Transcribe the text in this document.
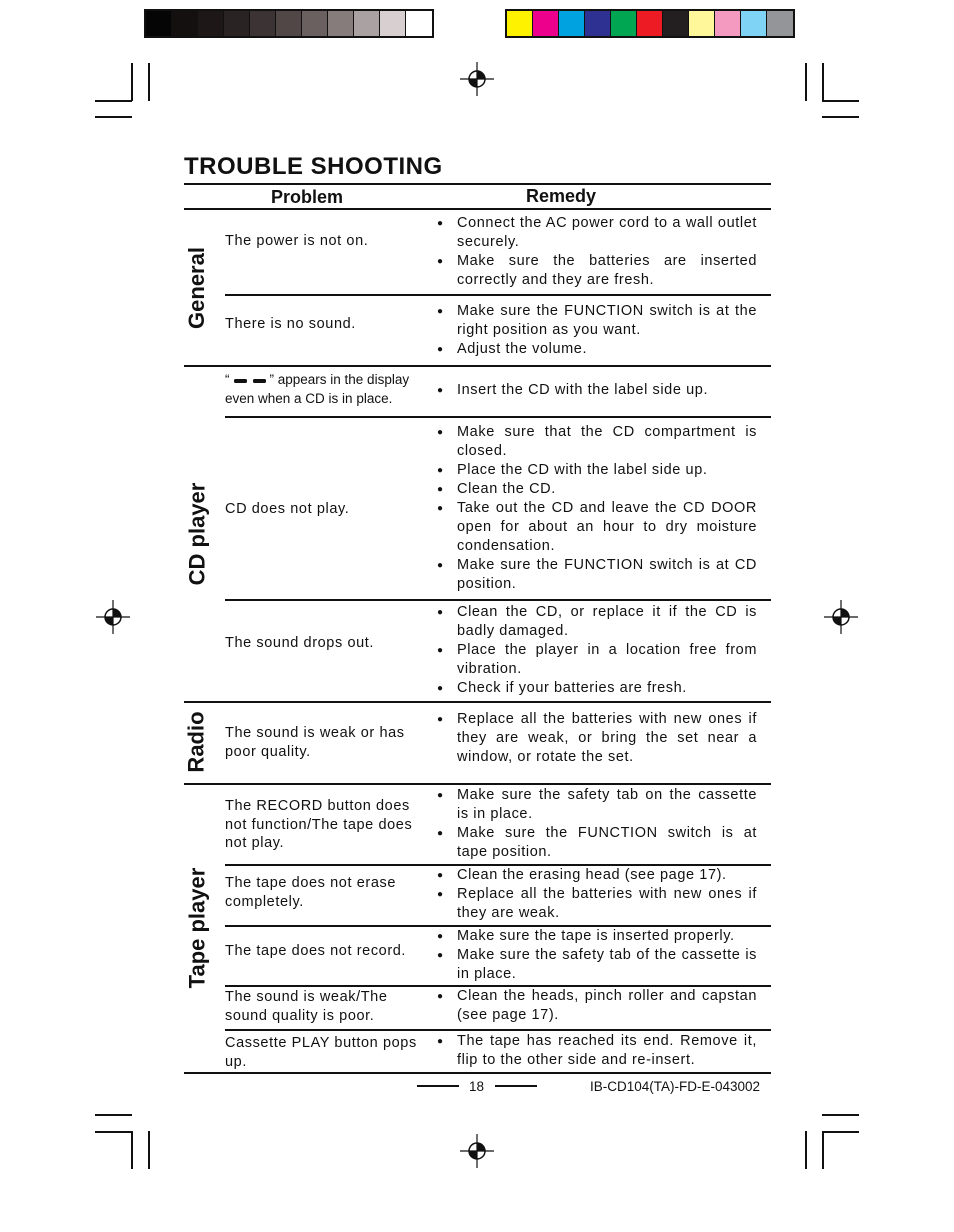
TROUBLE SHOOTING
Problem	Remedy
General
CD player
Radio
Tape player
The power is not on.
● Connect the AC power cord to a wall outlet securely.
● Make sure the batteries are inserted correctly and they are fresh.
There is no sound.
● Make sure the FUNCTION switch is at the right position as you want.
● Adjust the volume.
“	” appears in the display even when a CD is in place.
●	Insert the CD with the label side up.
CD does not play.
● Make sure that the CD compartment is closed.
● Place the CD with the label side up.
● Clean the CD.
● Take out the CD and leave the CD DOOR open for about an hour to dry moisture condensation.
● Make sure the FUNCTION switch is at CD position.
The sound drops out.
● Clean the CD, or replace it if the CD is badly damaged.
● Place the player in a location free from vibration.
● Check if your batteries are fresh.
The sound is weak or has poor quality.
● Replace all the batteries with new ones if they are weak, or bring the set near a window, or rotate the set.
The RECORD button does not function/The tape does not play.
● Make sure the safety tab on the cassette is in place.
● Make sure the FUNCTION switch is at tape position.
The tape does not erase completely.
● Clean the erasing head (see page 17).
● Replace all the batteries with new ones if they are weak.
The tape does not record.
● Make sure the tape is inserted properly.
● Make sure the safety tab of the cassette is in place.
The sound is weak/The sound quality is poor.
● Clean the heads, pinch roller and capstan (see page 17).
Cassette PLAY button pops up.
● The tape has reached its end. Remove it, flip to the other side and re-insert.
18	IB-CD104(TA)-FD-E-043002
